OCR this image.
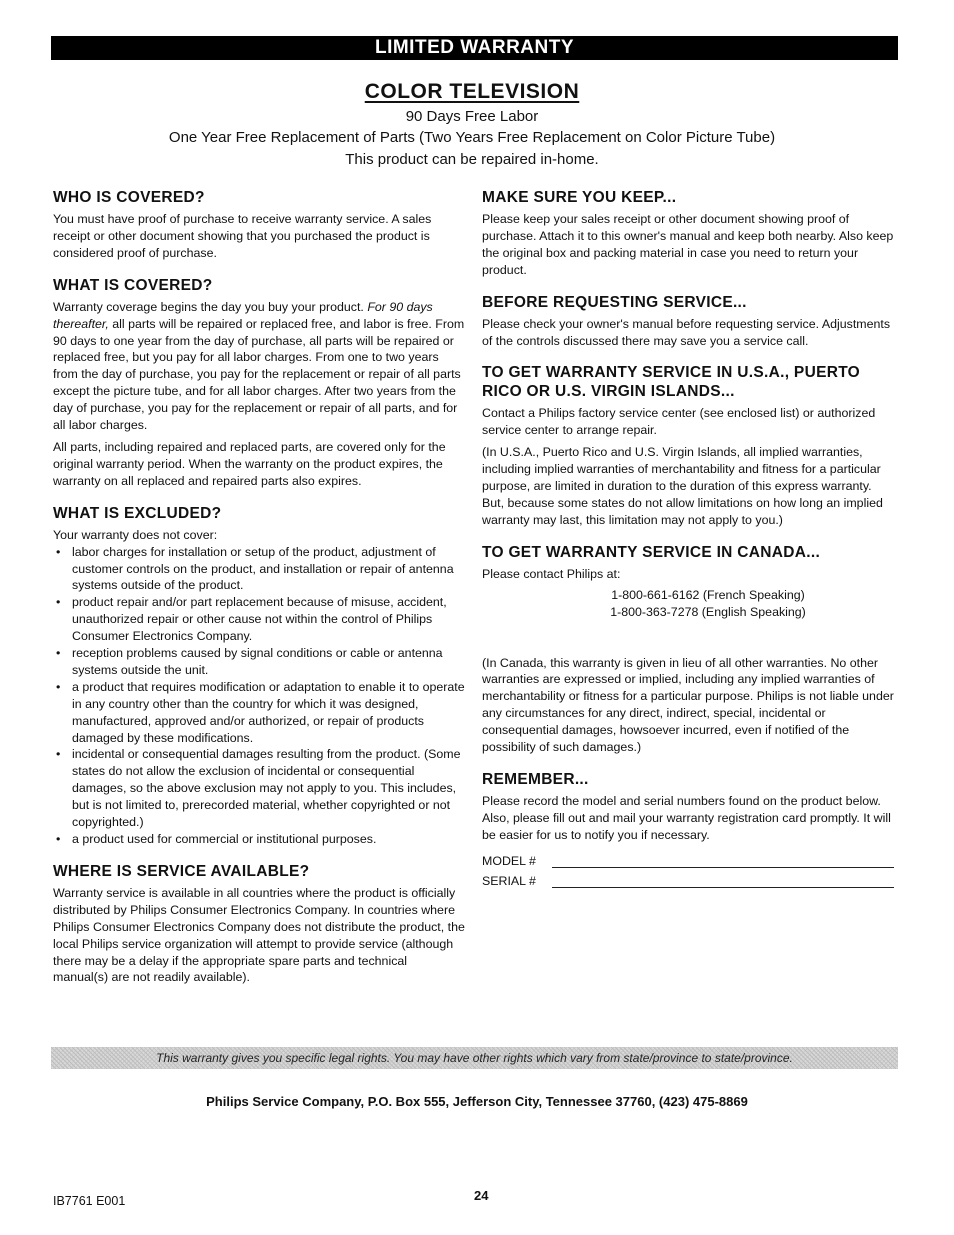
LIMITED WARRANTY
COLOR TELEVISION
90 Days Free Labor
One Year Free Replacement of Parts (Two Years Free Replacement on Color Picture Tube)
This product can be repaired in-home.
WHO IS COVERED?

You must have proof of purchase to receive warranty service. A sales receipt or other document showing that you purchased the product is considered proof of purchase.

WHAT IS COVERED?

Warranty coverage begins the day you buy your product. For 90 days thereafter, all parts will be repaired or replaced free, and labor is free. From 90 days to one year from the day of purchase, all parts will be repaired or replaced free, but you pay for all labor charges. From one to two years from the day of purchase, you pay for the replacement or repair of all parts except the picture tube, and for all labor charges. After two years from the day of purchase, you pay for the replacement or repair of all parts, and for all labor charges.

All parts, including repaired and replaced parts, are covered only for the original warranty period. When the warranty on the product expires, the warranty on all replaced and repaired parts also expires.

WHAT IS EXCLUDED?

Your warranty does not cover:

• labor charges for installation or setup of the product, adjustment of customer controls on the product, and installation or repair of antenna systems outside of the product.
• product repair and/or part replacement because of misuse, accident, unauthorized repair or other cause not within the control of Philips Consumer Electronics Company.
• reception problems caused by signal conditions or cable or antenna systems outside the unit.
• a product that requires modification or adaptation to enable it to operate in any country other than the country for which it was designed, manufactured, approved and/or authorized, or repair of products damaged by these modifications.
• incidental or consequential damages resulting from the product. (Some states do not allow the exclusion of incidental or consequential damages, so the above exclusion may not apply to you. This includes, but is not limited to, prerecorded material, whether copyrighted or not copyrighted.)
• a product used for commercial or institutional purposes.
WHERE IS SERVICE AVAILABLE?

Warranty service is available in all countries where the product is officially distributed by Philips Consumer Electronics Company. In countries where Philips Consumer Electronics Company does not distribute the product, the local Philips service organization will attempt to provide service (although there may be a delay if the appropriate spare parts and technical manual(s) are not readily available).

MAKE SURE YOU KEEP...

Please keep your sales receipt or other document showing proof of purchase. Attach it to this owner's manual and keep both nearby. Also keep the original box and packing material in case you need to return your product.

BEFORE REQUESTING SERVICE...

Please check your owner's manual before requesting service. Adjustments of the controls discussed there may save you a service call.

TO GET WARRANTY SERVICE IN U.S.A., PUERTO RICO OR U.S. VIRGIN ISLANDS...

Contact a Philips factory service center (see enclosed list) or authorized service center to arrange repair.

(In U.S.A., Puerto Rico and U.S. Virgin Islands, all implied warranties, including implied warranties of merchantability and fitness for a particular purpose, are limited in duration to the duration of this express warranty. But, because some states do not allow limitations on how long an implied warranty may last, this limitation may not apply to you.)

TO GET WARRANTY SERVICE IN CANADA...

Please contact Philips at:

1-800-661-6162 (French Speaking)
1-800-363-7278 (English Speaking)

(In Canada, this warranty is given in lieu of all other warranties. No other warranties are expressed or implied, including any implied warranties of merchantability or fitness for a particular purpose. Philips is not liable under any circumstances for any direct, indirect, special, incidental or consequential damages, howsoever incurred, even if notified of the possibility of such damages.)

REMEMBER...

Please record the model and serial numbers found on the product below. Also, please fill out and mail your warranty registration card promptly. It will be easier for us to notify you if necessary.

MODEL #
SERIAL #
This warranty gives you specific legal rights. You may have other rights which vary from state/province to state/province.
Philips Service Company, P.O. Box 555, Jefferson City, Tennessee 37760, (423) 475-8869
IB7761 E001	24
